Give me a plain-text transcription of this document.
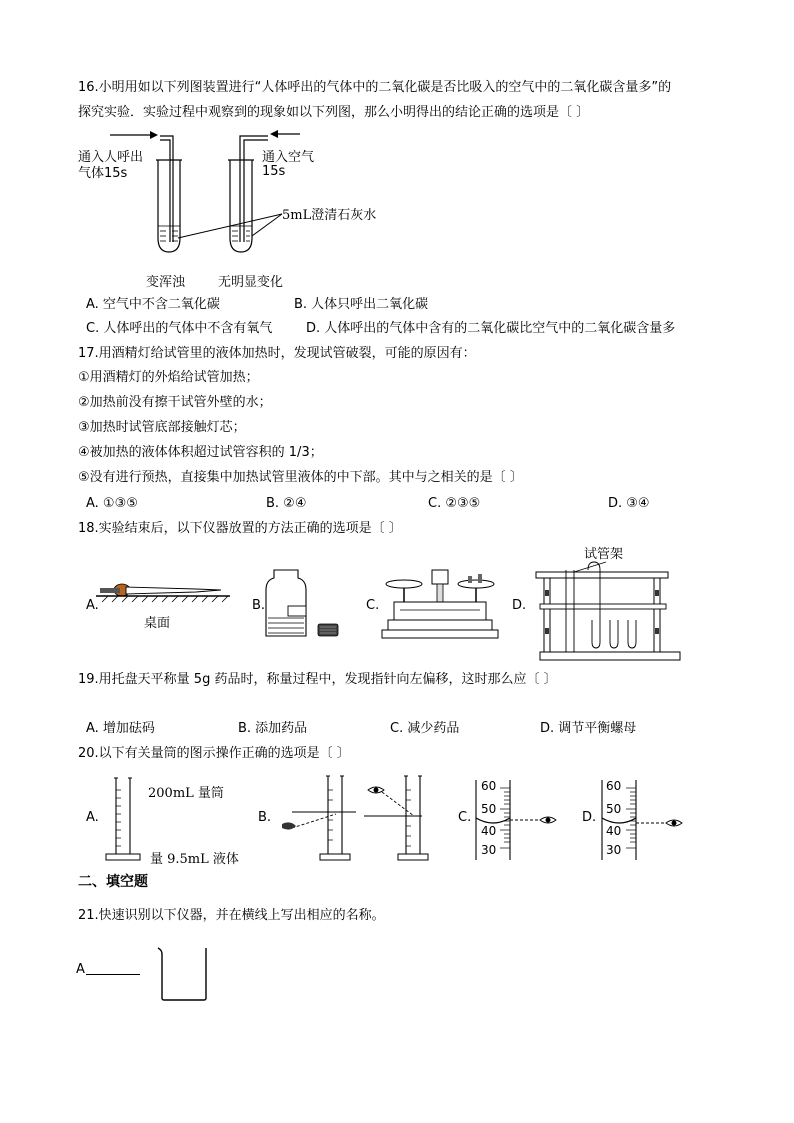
16.小明用如以下列图装置进行“人体呼出的气体中的二氧化碳是否比吸入的空气中的二氧化碳含量多”的
探究实验．实验过程中观察到的现象如以下列图，那么小明得出的结论正确的选项是〔 〕
通入人呼出
气体15s
通入空气
15s
5mL澄清石灰水
变浑浊	无明显变化
A. 空气中不含二氧化碳	B. 人体只呼出二氧化碳
C. 人体呼出的气体中不含有氧气	D. 人体呼出的气体中含有的二氧化碳比空气中的二氧化碳含量多
17.用酒精灯给试管里的液体加热时，发现试管破裂，可能的原因有：
①用酒精灯的外焰给试管加热；
②加热前没有擦干试管外壁的水；
③加热时试管底部接触灯芯；
④被加热的液体体积超过试管容积的 1/3；
⑤没有进行预热，直接集中加热试管里液体的中下部。其中与之相关的是〔 〕
A. ①③⑤	B. ②④	C. ②③⑤	D. ③④
18.实验结束后，以下仪器放置的方法正确的选项是〔 〕
A.
桌面
B.	C.	D.
试管架
19.用托盘天平称量 5g 药品时，称量过程中，发现指针向左偏移，这时那么应〔 〕
A. 增加砝码	B. 添加药品	C. 减少药品	D. 调节平衡螺母
20.以下有关量筒的图示操作正确的选项是〔 〕
A.
200mL 量筒
量 9.5mL 液体
B.	C.	D.
60
50
40
30
60
50
40
30
二、填空题
21.快速识别以下仪器，并在横线上写出相应的名称。
A
